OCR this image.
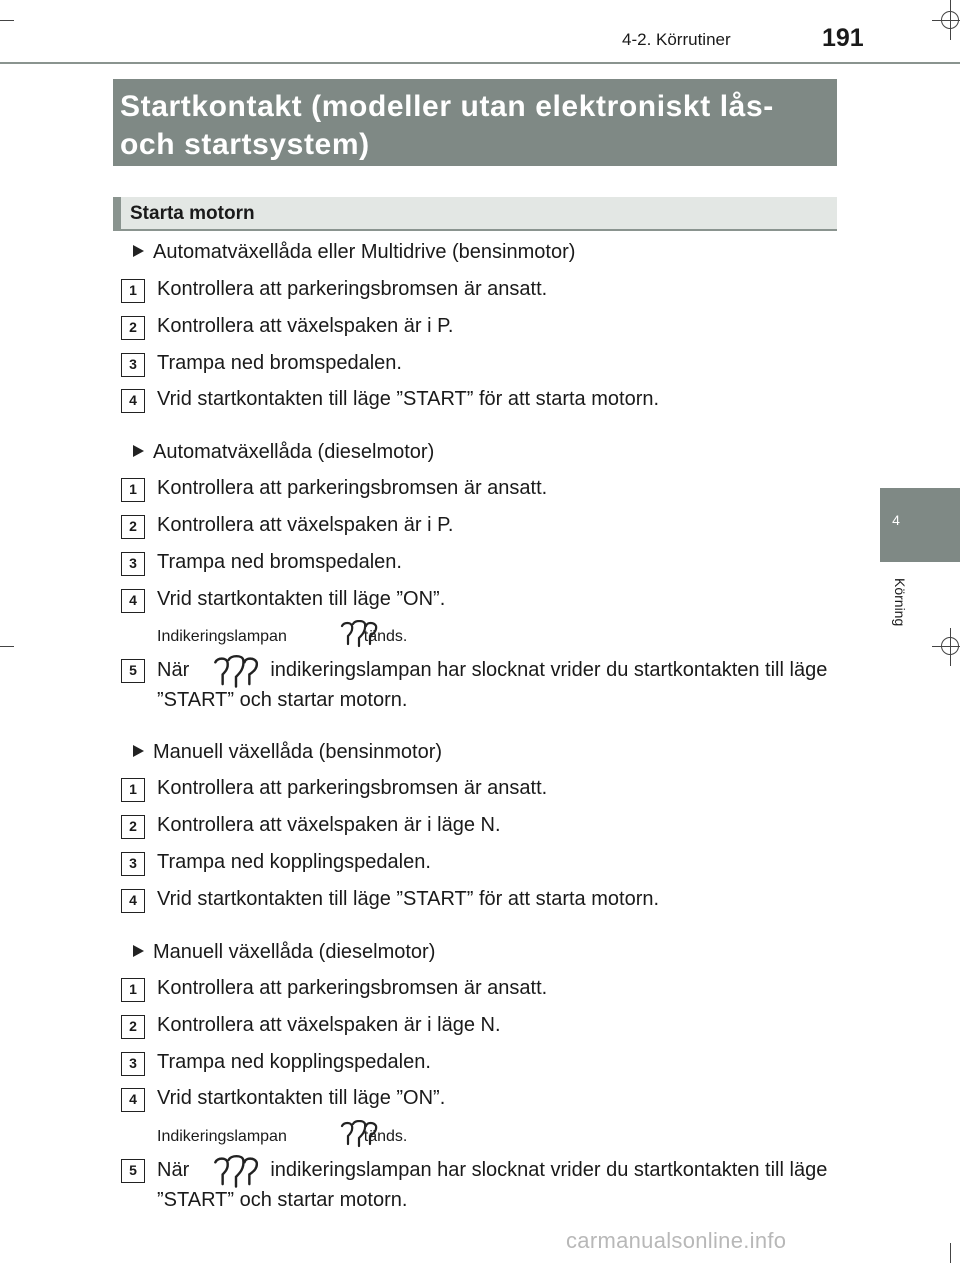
4-2. Körrutiner	191
4
Körning
Startkontakt (modeller utan elektroniskt lås- och startsystem)
Starta motorn
Automatväxellåda eller Multidrive (bensinmotor)
1	Kontrollera att parkeringsbromsen är ansatt.
2	Kontrollera att växelspaken är i P.
3	Trampa ned bromspedalen.
4	Vrid startkontakten till läge ”START” för att starta motorn.
Automatväxellåda (dieselmotor)
1	Kontrollera att parkeringsbromsen är ansatt.
2	Kontrollera att växelspaken är i P.
3	Trampa ned bromspedalen.
4	Vrid startkontakten till läge ”ON”.
Indikeringslampan	tänds.
5	När	indikeringslampan har slocknat vrider du startkontakten till läge ”START” och startar motorn.
Manuell växellåda (bensinmotor)
1	Kontrollera att parkeringsbromsen är ansatt.
2	Kontrollera att växelspaken är i läge N.
3	Trampa ned kopplingspedalen.
4	Vrid startkontakten till läge ”START” för att starta motorn.
Manuell växellåda (dieselmotor)
1	Kontrollera att parkeringsbromsen är ansatt.
2	Kontrollera att växelspaken är i läge N.
3	Trampa ned kopplingspedalen.
4	Vrid startkontakten till läge ”ON”.
Indikeringslampan	tänds.
5	När	indikeringslampan har slocknat vrider du startkontakten till läge ”START” och startar motorn.
carmanualsonline.info
